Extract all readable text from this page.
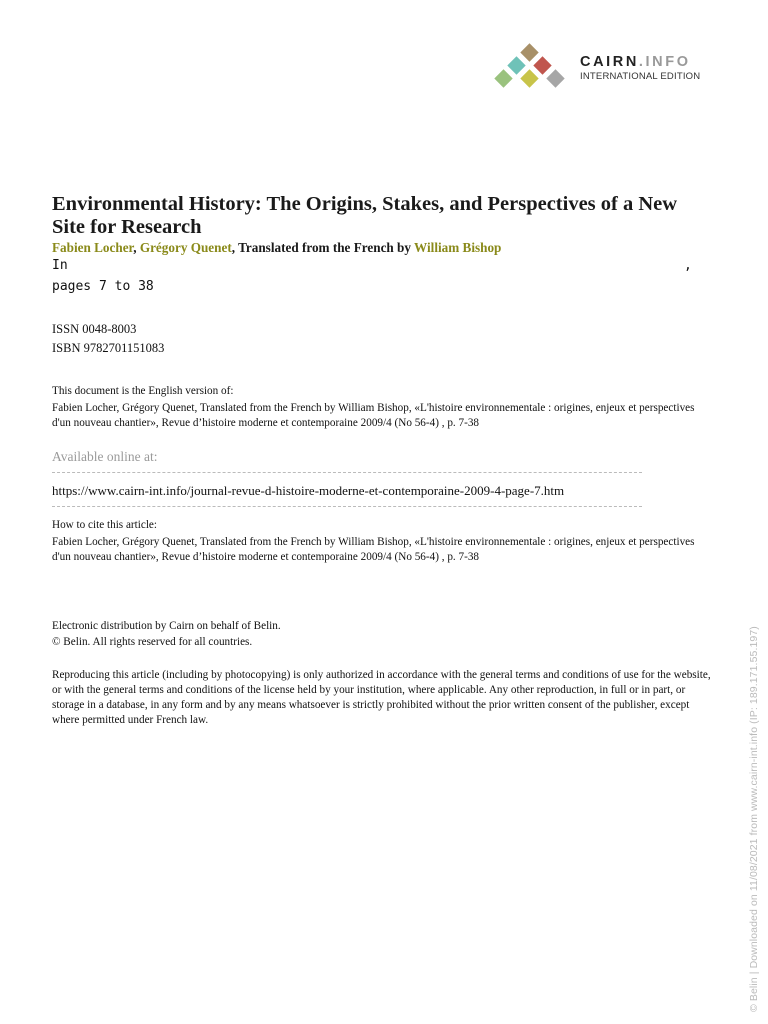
CAIRN.INFO
INTERNATIONAL EDITION
Environmental History: The Origins, Stakes, and Perspectives of a New Site for Research
Fabien Locher, Grégory Quenet, Translated from the French by William Bishop
In	,
pages 7 to 38
ISSN 0048-8003
ISBN 9782701151083
This document is the English version of:
Fabien Locher, Grégory Quenet, Translated from the French by William Bishop, «L'histoire environnementale : origines, enjeux et perspectives d'un nouveau chantier», Revue d’histoire moderne et contemporaine 2009/4 (No 56-4) , p. 7-38
Available online at:
https://www.cairn-int.info/journal-revue-d-histoire-moderne-et-contemporaine-2009-4-page-7.htm
How to cite this article:
Fabien Locher, Grégory Quenet, Translated from the French by William Bishop, «L'histoire environnementale : origines, enjeux et perspectives d'un nouveau chantier», Revue d’histoire moderne et contemporaine 2009/4 (No 56-4) , p. 7-38
Electronic distribution by Cairn on behalf of Belin.
© Belin. All rights reserved for all countries.
Reproducing this article (including by photocopying) is only authorized in accordance with the general terms and conditions of use for the website, or with the general terms and conditions of the license held by your institution, where applicable. Any other reproduction, in full or in part, or storage in a database, in any form and by any means whatsoever is strictly prohibited without the prior written consent of the publisher, except where permitted under French law.	© Belin | Downloaded on 11/08/2021 from www.cairn-int.info (IP: 189.171.55.197)
